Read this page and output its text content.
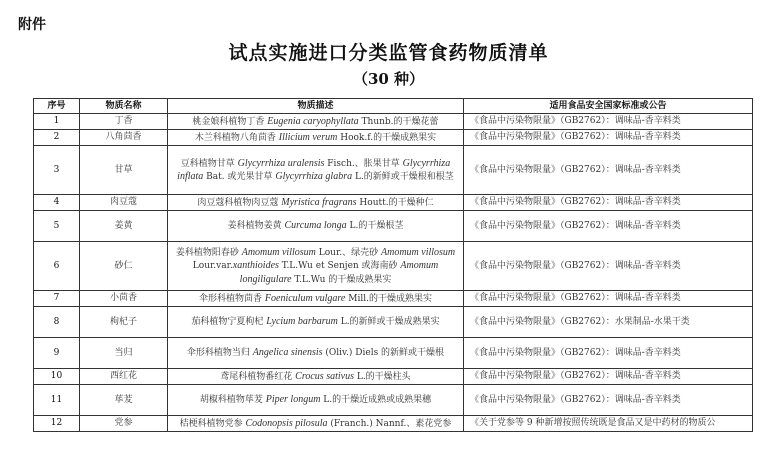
附件
试点实施进口分类监管食药物质清单
（30 种）
序号	物质名称	物质描述	适用食品安全国家标准或公告
1	丁香	桃金娘科植物丁香 Eugenia caryophyllata Thunb.的干燥花蕾	《食品中污染物限量》（GB2762）：调味品-香辛料类
2	八角茴香	木兰科植物八角茴香 Illicium verum Hook.f.的干燥成熟果实	《食品中污染物限量》（GB2762）：调味品-香辛料类
3	甘草	豆科植物甘草 Glycyrrhiza uralensis Fisch.、胀果甘草 Glycyrrhiza inflata Bat. 或光果甘草 Glycyrrhiza glabra L.的新鲜或干燥根和根茎	《食品中污染物限量》（GB2762）：调味品-香辛料类
4	肉豆蔻	肉豆蔻科植物肉豆蔻 Myristica fragrans Houtt.的干燥种仁	《食品中污染物限量》（GB2762）：调味品-香辛料类
5	姜黄	姜科植物姜黄 Curcuma longa L.的干燥根茎	《食品中污染物限量》（GB2762）：调味品-香辛料类
6	砂仁	姜科植物阳春砂 Amomum villosum Lour.、绿壳砂 Amomum villosum Lour.var.xanthioides T.L.Wu et Senjen 或海南砂 Amomum longiligulare T.L.Wu 的干燥成熟果实	《食品中污染物限量》（GB2762）：调味品-香辛料类
7	小茴香	伞形科植物茴香 Foeniculum vulgare Mill.的干燥成熟果实	《食品中污染物限量》（GB2762）：调味品-香辛料类
8	枸杞子	茄科植物宁夏枸杞 Lycium barbarum L.的新鲜或干燥成熟果实	《食品中污染物限量》（GB2762）：水果制品-水果干类
9	当归	伞形科植物当归 Angelica sinensis (Oliv.) Diels 的新鲜或干燥根	《食品中污染物限量》（GB2762）：调味品-香辛料类
10	西红花	鸢尾科植物番红花 Crocus sativus L.的干燥柱头	《食品中污染物限量》（GB2762）：调味品-香辛料类
11	荜茇	胡椒科植物荜茇 Piper longum L.的干燥近成熟或成熟果穗	《食品中污染物限量》（GB2762）：调味品-香辛料类
12	党参	桔梗科植物党参 Codonopsis pilosula (Franch.) Nannf.、素花党参	《关于党参等 9 种新增按照传统既是食品又是中药材的物质公
